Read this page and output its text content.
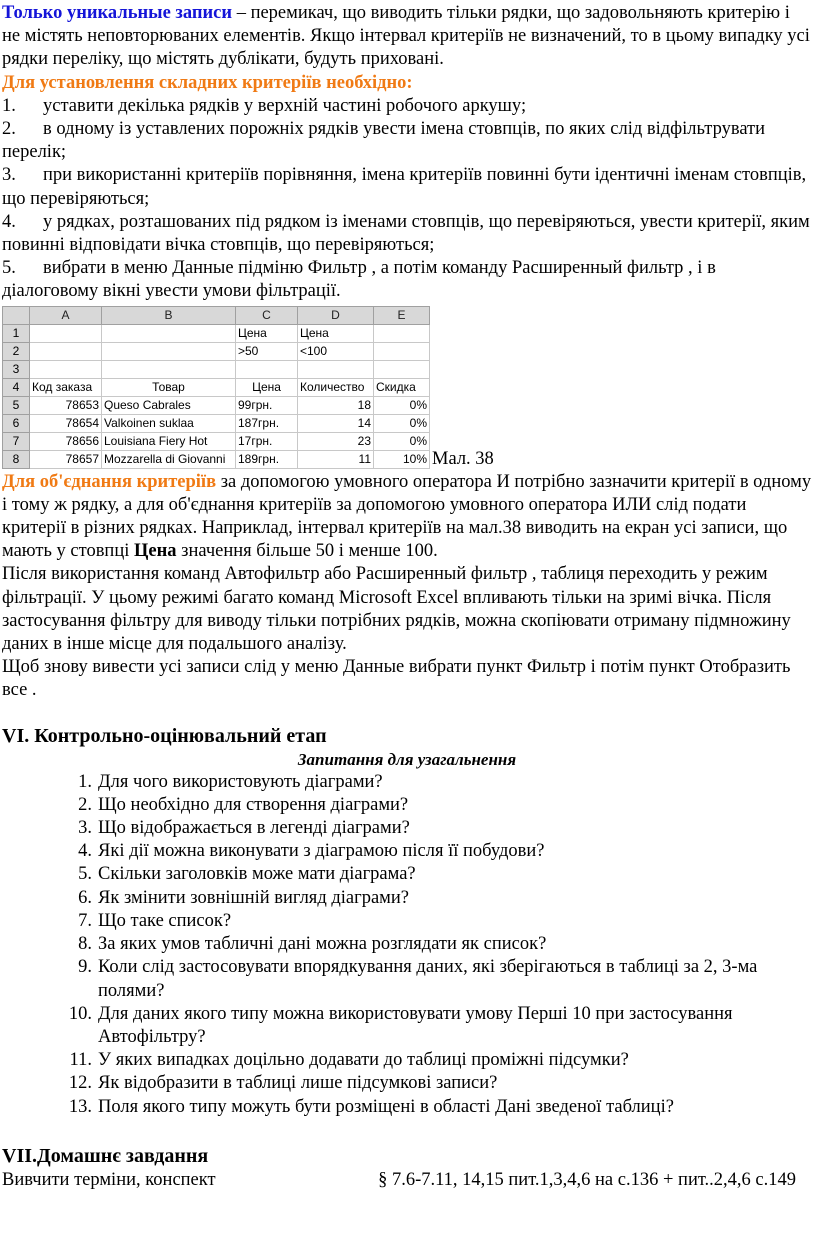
Только уникальные записи – перемикач, що виводить тільки рядки, що задовольняють критерію і не містять неповторюваних елементів. Якщо інтервал критеріїв не визначений, то в цьому випадку усі рядки переліку, що містять дублікати, будуть приховані.

Для установлення складних критеріїв необхідно:

1. уставити декілька рядків у верхній частині робочого аркушу;

2. в одному із уставлених порожніх рядків увести імена стовпців, по яких слід відфільтрувати перелік;

3. при використанні критеріїв порівняння, імена критеріїв повинні бути ідентичні іменам стовпців, що перевіряються;

4. у рядках, розташованих під рядком із іменами стовпців, що перевіряються, увести критерії, яким повинні відповідати вічка стовпців, що перевіряються;

5. вибрати в меню Данные підміню Фильтр , а потім команду Расширенный фильтр , і в діалоговому вікні увести умови фільтрації.

	A	B	C	D	E
1			Цена	Цена	
2			>50	<100	
3					
4	Код заказа	Товар	Цена	Количество	Скидка
5	78653	Queso Cabrales	99грн.	18	0%
6	78654	Valkoinen suklaa	187грн.	14	0%
7	78656	Louisiana Fiery Hot	17грн.	23	0%
8	78657	Mozzarella di Giovanni	189грн.	11	10% Мал. 38

Для об'єднання критеріїв за допомогою умовного оператора И потрібно зазначити критерії в одному і тому ж рядку, а для об'єднання критеріїв за допомогою умовного оператора ИЛИ слід подати критерії в різних рядках. Наприклад, інтервал критеріїв на мал.38 виводить на екран усі записи, що мають у стовпці Цена значення більше 50 і менше 100.

Після використання команд Автофильтр або Расширенный фильтр , таблиця переходить у режим фільтрації. У цьому режимі багато команд Microsoft Excel впливають тільки на зримі вічка. Після застосування фільтру для виводу тільки потрібних рядків, можна скопіювати отриману підмножину даних в інше місце для подальшого аналізу.

Щоб знову вивести усі записи слід у меню Данные вибрати пункт Фильтр і потім пункт Отобразить все .

VI. Контрольно-оцінювальний етап
Запитання для узагальнення
1. Для чого використовують діаграми?
2. Що необхідно для створення діаграми?
3. Що відображається в легенді діаграми?
4. Які дії можна виконувати з діаграмою після її побудови?
5. Скільки заголовків може мати діаграма?
6. Як змінити зовнішній вигляд діаграми?
7. Що таке список?
8. За яких умов табличні дані можна розглядати як список?
9. Коли слід застосовувати впорядкування даних, які зберігаються в таблиці за 2, 3-ма полями?
10. Для даних якого типу можна використовувати умову Перші 10 при застосування Автофільтру?
11. У яких випадках доцільно додавати до таблиці проміжні підсумки?
12. Як відобразити в таблиці лише підсумкові записи?
13. Поля якого типу можуть бути розміщені в області Дані зведеної таблиці?
VII.Домашнє завдання
Вивчити терміни, конспект	§ 7.6-7.11, 14,15 пит.1,3,4,6 на с.136 + пит..2,4,6 с.149
